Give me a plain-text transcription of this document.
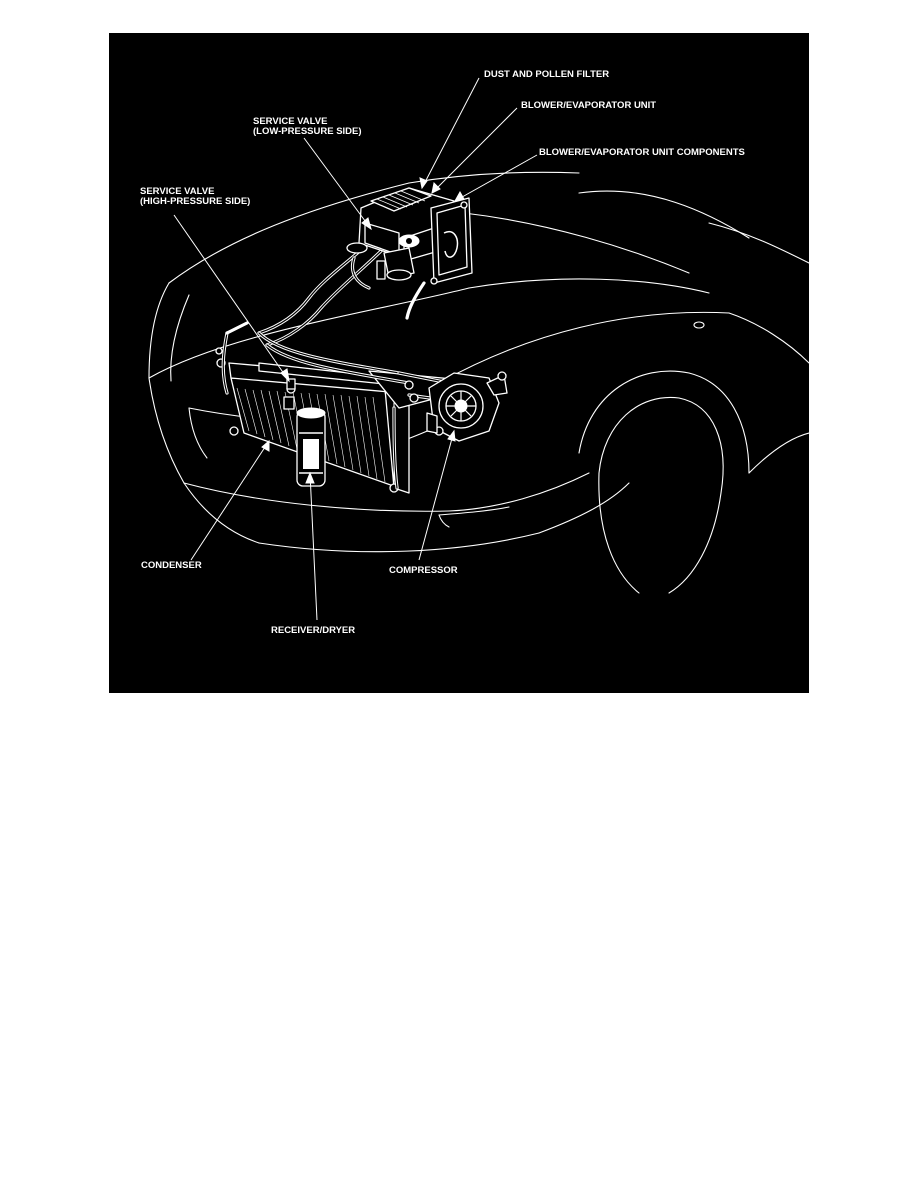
DUST AND POLLEN FILTER
BLOWER/EVAPORATOR UNIT
BLOWER/EVAPORATOR UNIT COMPONENTS
SERVICE VALVE
(LOW-PRESSURE SIDE)
SERVICE VALVE
(HIGH-PRESSURE SIDE)
CONDENSER	COMPRESSOR
RECEIVER/DRYER
